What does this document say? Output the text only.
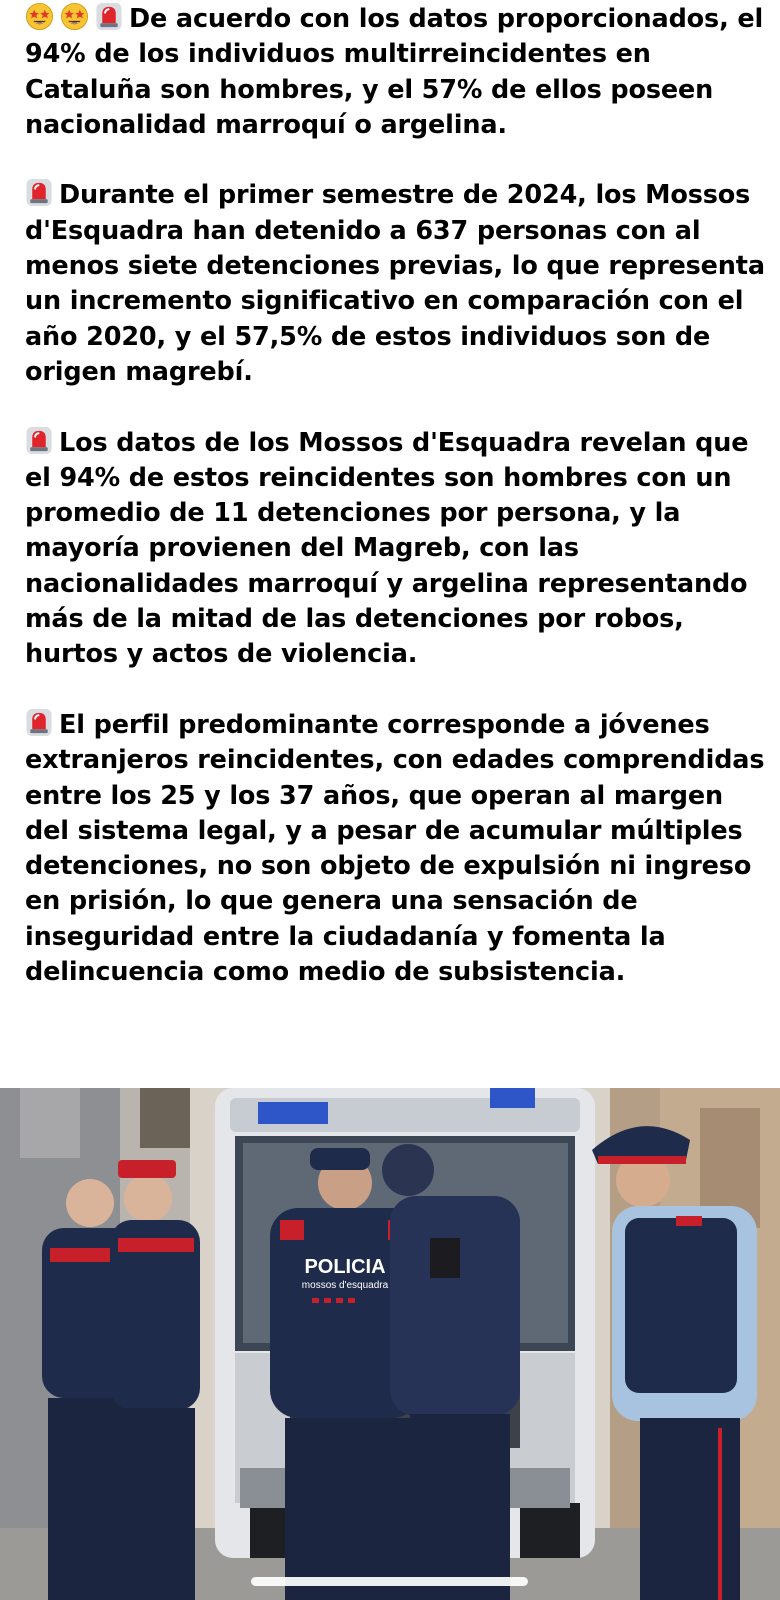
De acuerdo con los datos proporcionados, el 94% de los individuos multirreincidentes en Cataluña son hombres, y el 57% de ellos poseen nacionalidad marroquí o argelina.
Durante el primer semestre de 2024, los Mossos d'Esquadra han detenido a 637 personas con al menos siete detenciones previas, lo que representa un incremento significativo en comparación con el año 2020, y el 57,5% de estos individuos son de origen magrebí.
Los datos de los Mossos d'Esquadra revelan que el 94% de estos reincidentes son hombres con un promedio de 11 detenciones por persona, y la mayoría provienen del Magreb, con las nacionalidades marroquí y argelina representando más de la mitad de las detenciones por robos, hurtos y actos de violencia.
El perfil predominante corresponde a jóvenes extranjeros reincidentes, con edades comprendidas entre los 25 y los 37 años, que operan al margen del sistema legal, y a pesar de acumular múltiples detenciones, no son objeto de expulsión ni ingreso en prisión, lo que genera una sensación de inseguridad entre la ciudadanía y fomenta la delincuencia como medio de subsistencia.
POLICIA
mossos d'esquadra
